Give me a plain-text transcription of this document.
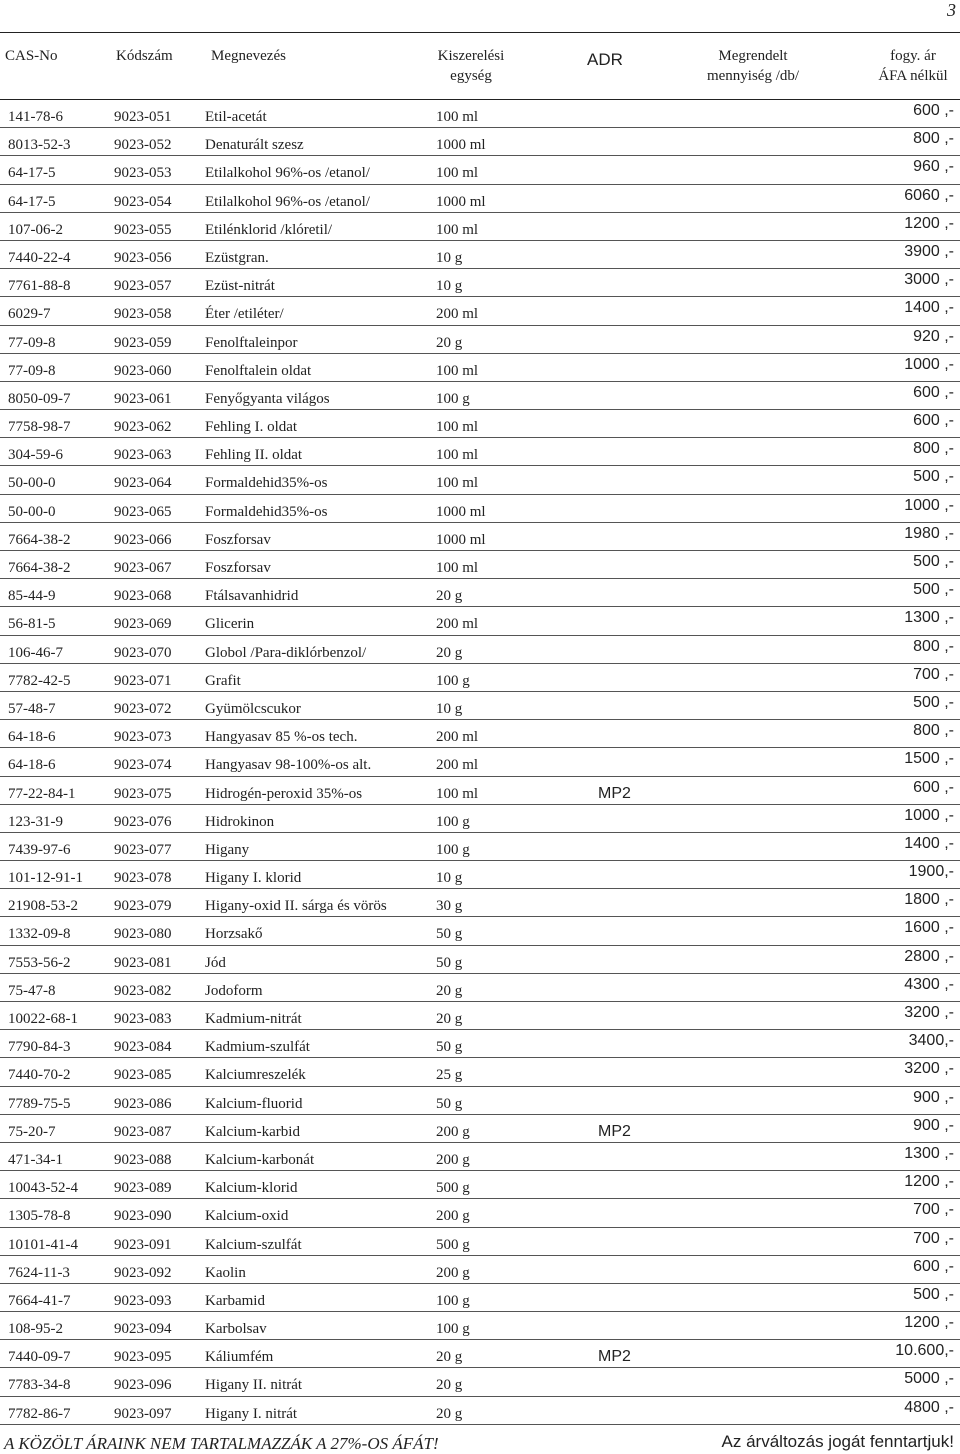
3
CAS-No	Kódszám	Megnevezés	Kiszerelési
egység
ADR	Megrendelt
mennyiség /db/
fogy. ár
ÁFA nélkül
141-78-6	9023-051 Etil-acetát	100 ml	600 ,-
8013-52-3	9023-052 Denaturált szesz	1000 ml	800 ,-
64-17-5	9023-053 Etilalkohol 96%-os /etanol/	100 ml	960 ,-
64-17-5	9023-054 Etilalkohol 96%-os /etanol/	1000 ml	6060 ,-
107-06-2	9023-055 Etilénklorid /klóretil/	100 ml	1200 ,-
7440-22-4	9023-056 Ezüstgran.	10 g	3900 ,-
7761-88-8	9023-057 Ezüst-nitrát	10 g	3000 ,-
6029-7	9023-058 Éter /etiléter/	200 ml	1400 ,-
77-09-8	9023-059 Fenolftaleinpor	20 g	920 ,-
77-09-8	9023-060 Fenolftalein oldat	100 ml	1000 ,-
8050-09-7	9023-061 Fenyőgyanta világos	100 g	600 ,-
7758-98-7	9023-062 Fehling I. oldat	100 ml	600 ,-
304-59-6	9023-063 Fehling II. oldat	100 ml	800 ,-
50-00-0	9023-064 Formaldehid35%-os	100 ml	500 ,-
50-00-0	9023-065 Formaldehid35%-os	1000 ml	1000 ,-
7664-38-2	9023-066 Foszforsav	1000 ml	1980 ,-
7664-38-2	9023-067 Foszforsav	100 ml	500 ,-
85-44-9	9023-068 Ftálsavanhidrid	20 g	500 ,-
56-81-5	9023-069 Glicerin	200 ml	1300 ,-
106-46-7	9023-070 Globol /Para-diklórbenzol/	20 g	800 ,-
7782-42-5	9023-071 Grafit	100 g	700 ,-
57-48-7	9023-072 Gyümölcscukor	10 g	500 ,-
64-18-6	9023-073 Hangyasav 85 %-os tech.	200 ml	800 ,-
64-18-6	9023-074 Hangyasav 98-100%-os alt.	200 ml	1500 ,-
77-22-84-1	9023-075 Hidrogén-peroxid 35%-os	100 ml	MP2	600 ,-
123-31-9	9023-076 Hidrokinon	100 g	1000 ,-
7439-97-6	9023-077 Higany	100 g	1400 ,-
101-12-91-1 9023-078 Higany I. klorid	10 g	1900,-
21908-53-2 9023-079 Higany-oxid II. sárga és vörös	30 g	1800 ,-
1332-09-8	9023-080 Horzsakő	50 g	1600 ,-
7553-56-2	9023-081 Jód	50 g	2800 ,-
75-47-8	9023-082 Jodoform	20 g	4300 ,-
10022-68-1 9023-083 Kadmium-nitrát	20 g	3200 ,-
7790-84-3	9023-084 Kadmium-szulfát	50 g	3400,-
7440-70-2	9023-085 Kalciumreszelék	25 g	3200 ,-
7789-75-5	9023-086 Kalcium-fluorid	50 g	900 ,-
75-20-7	9023-087 Kalcium-karbid	200 g	MP2	900 ,-
471-34-1	9023-088 Kalcium-karbonát	200 g	1300 ,-
10043-52-4 9023-089 Kalcium-klorid	500 g	1200 ,-
1305-78-8	9023-090 Kalcium-oxid	200 g	700 ,-
10101-41-4 9023-091 Kalcium-szulfát	500 g	700 ,-
7624-11-3	9023-092 Kaolin	200 g	600 ,-
7664-41-7	9023-093 Karbamid	100 g	500 ,-
108-95-2	9023-094 Karbolsav	100 g	1200 ,-
7440-09-7	9023-095 Káliumfém	20 g	MP2	10.600,-
7783-34-8	9023-096 Higany II. nitrát	20 g	5000 ,-
7782-86-7	9023-097 Higany I. nitrát	20 g	4800 ,-
A KÖZÖLT ÁRAINK NEM TARTALMAZZÁK A 27%-OS ÁFÁT!	Az árváltozás jogát fenntartjuk!
